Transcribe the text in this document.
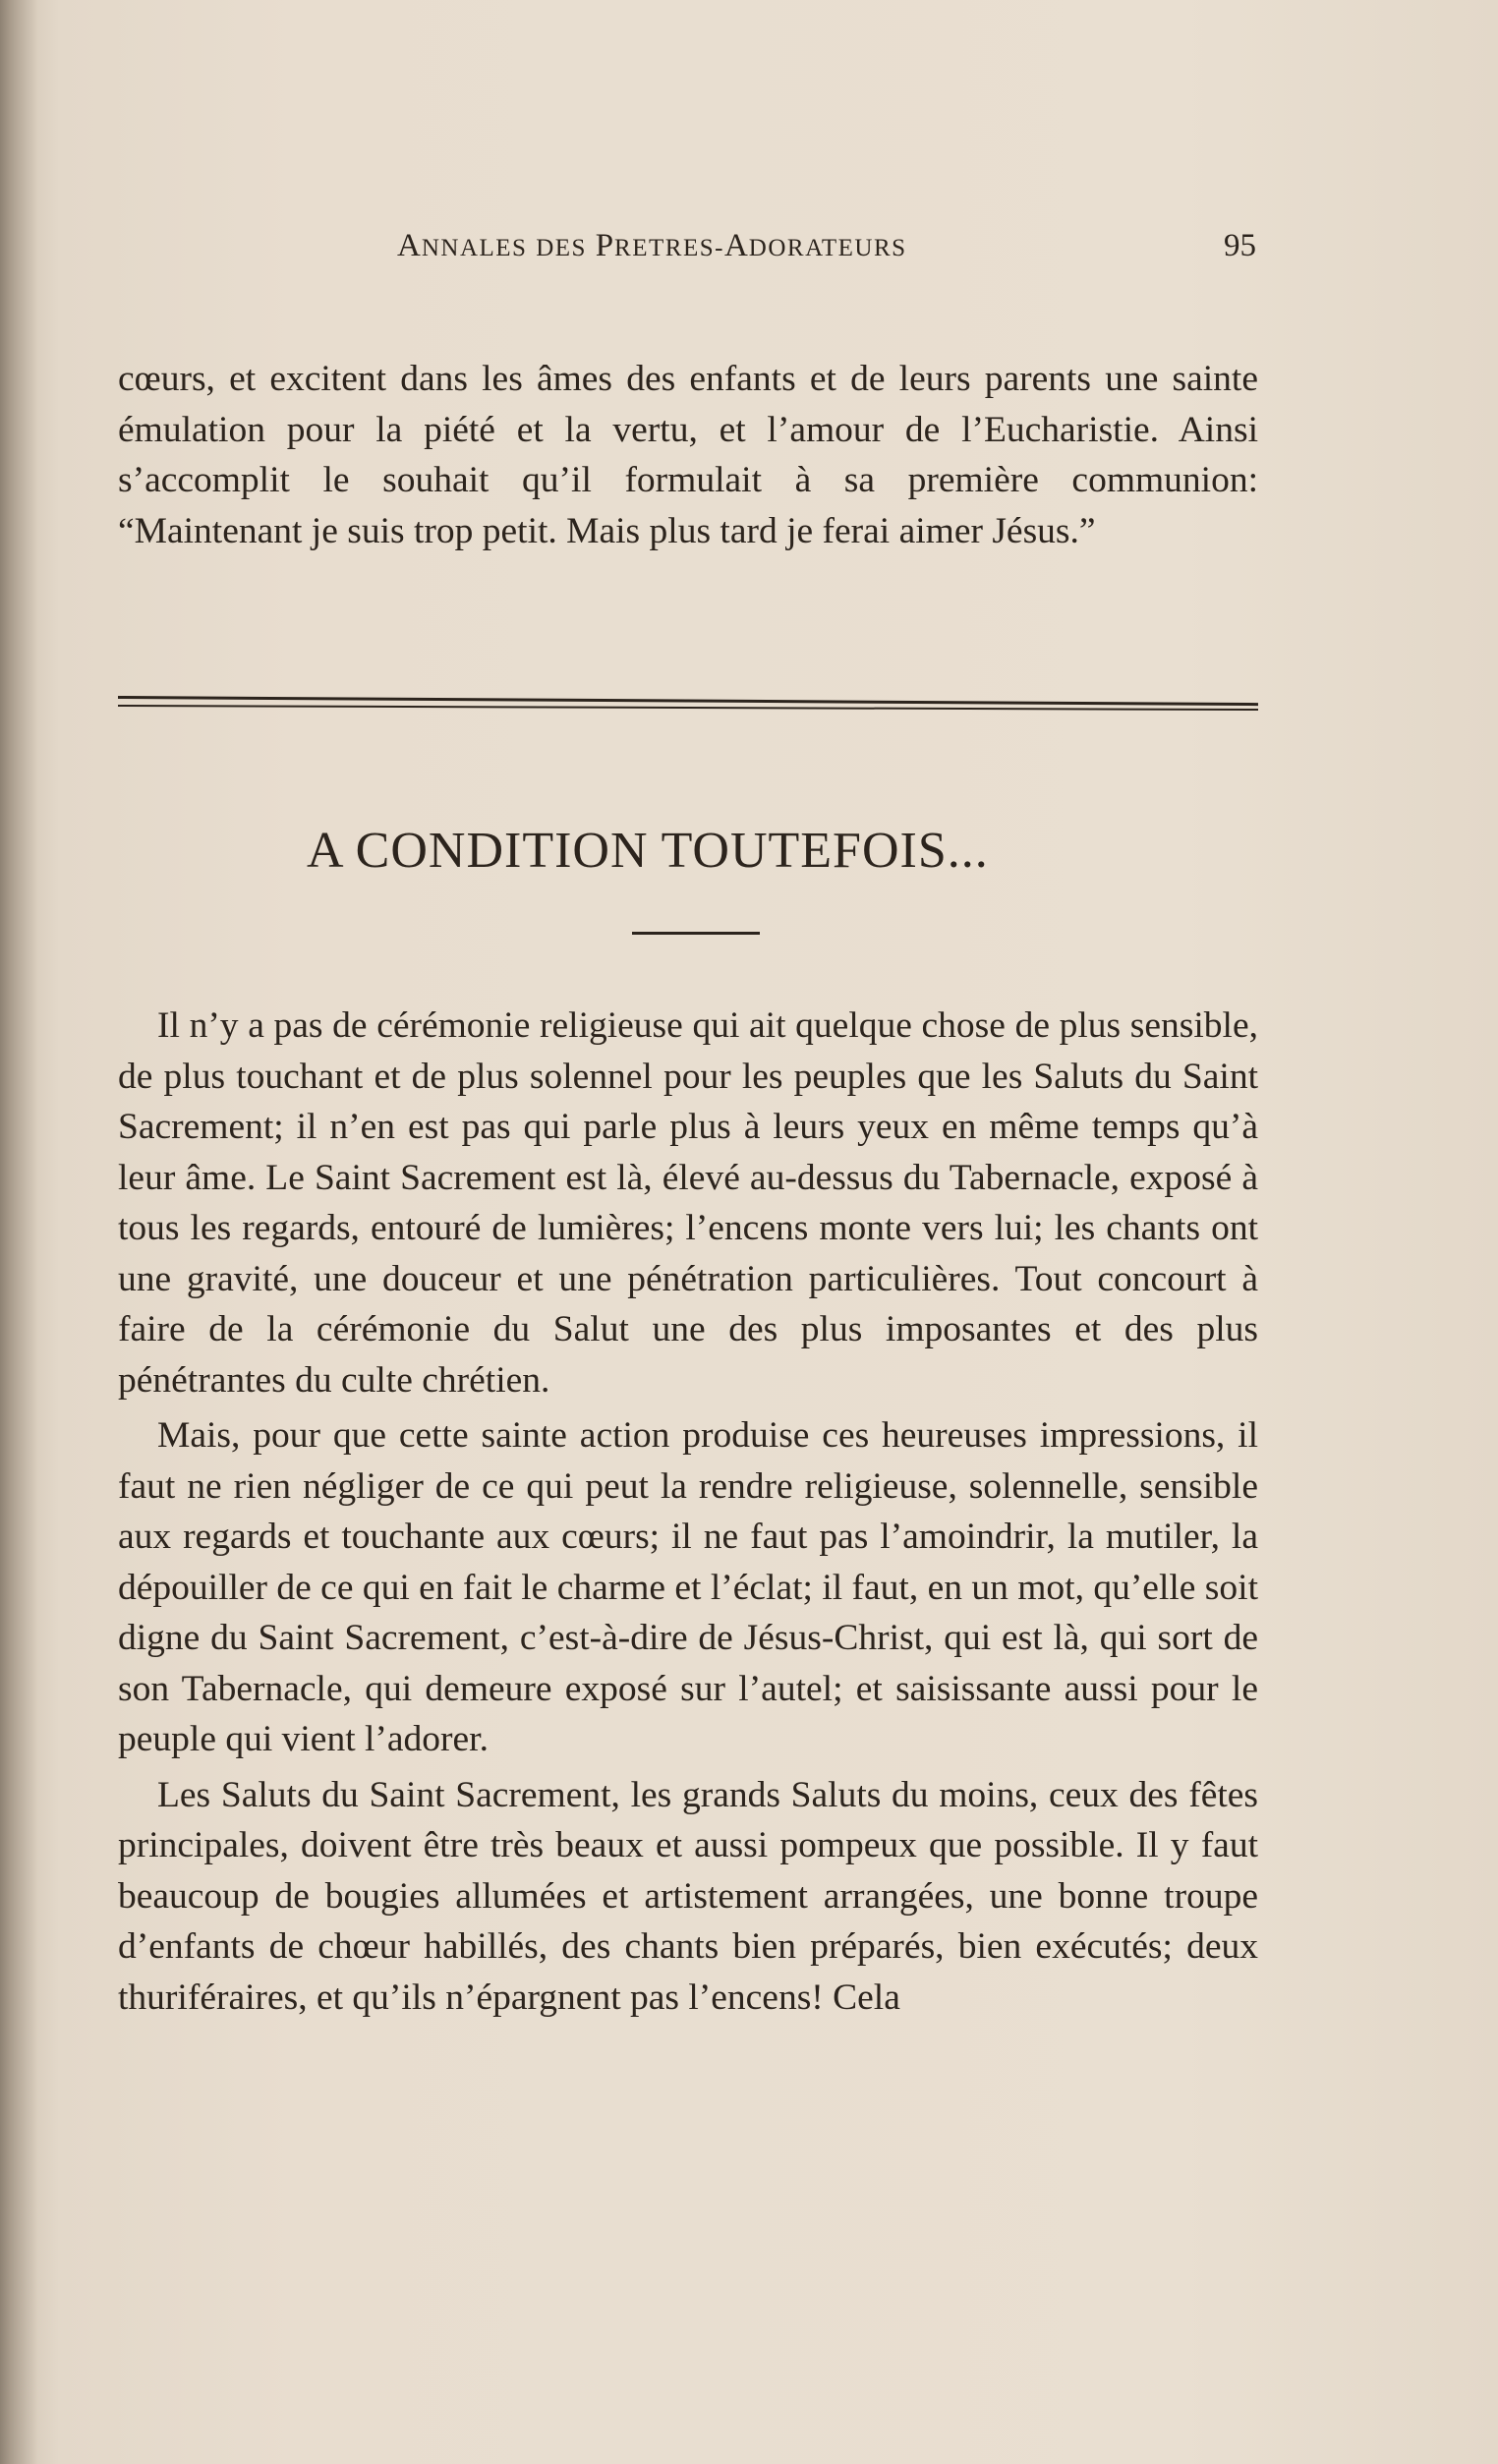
ANNALES DES PRETRES-ADORATEURS	95

cœurs, et excitent dans les âmes des enfants et de leurs parents une sainte émulation pour la piété et la vertu, et l’amour de l’Eucharistie. Ainsi s’accomplit le souhait qu’il formulait à sa première communion: “Maintenant je suis trop petit. Mais plus tard je ferai aimer Jésus.”

A CONDITION TOUTEFOIS...

Il n’y a pas de cérémonie religieuse qui ait quelque chose de plus sensible, de plus touchant et de plus solennel pour les peuples que les Saluts du Saint Sacrement; il n’en est pas qui parle plus à leurs yeux en même temps qu’à leur âme. Le Saint Sacrement est là, élevé au-dessus du Tabernacle, exposé à tous les regards, entouré de lumières; l’encens monte vers lui; les chants ont une gravité, une douceur et une pénétration particulières. Tout concourt à faire de la cérémonie du Salut une des plus imposantes et des plus pénétrantes du culte chrétien.

Mais, pour que cette sainte action produise ces heureuses impressions, il faut ne rien négliger de ce qui peut la rendre religieuse, solennelle, sensible aux regards et touchante aux cœurs; il ne faut pas l’amoindrir, la mutiler, la dépouiller de ce qui en fait le charme et l’éclat; il faut, en un mot, qu’elle soit digne du Saint Sacrement, c’est-à-dire de Jésus-Christ, qui est là, qui sort de son Tabernacle, qui demeure exposé sur l’autel; et saisissante aussi pour le peuple qui vient l’adorer.

Les Saluts du Saint Sacrement, les grands Saluts du moins, ceux des fêtes principales, doivent être très beaux et aussi pompeux que possible. Il y faut beaucoup de bougies allumées et artistement arrangées, une bonne troupe d’enfants de chœur habillés, des chants bien préparés, bien exécutés; deux thuriféraires, et qu’ils n’épargnent pas l’encens! Cela
